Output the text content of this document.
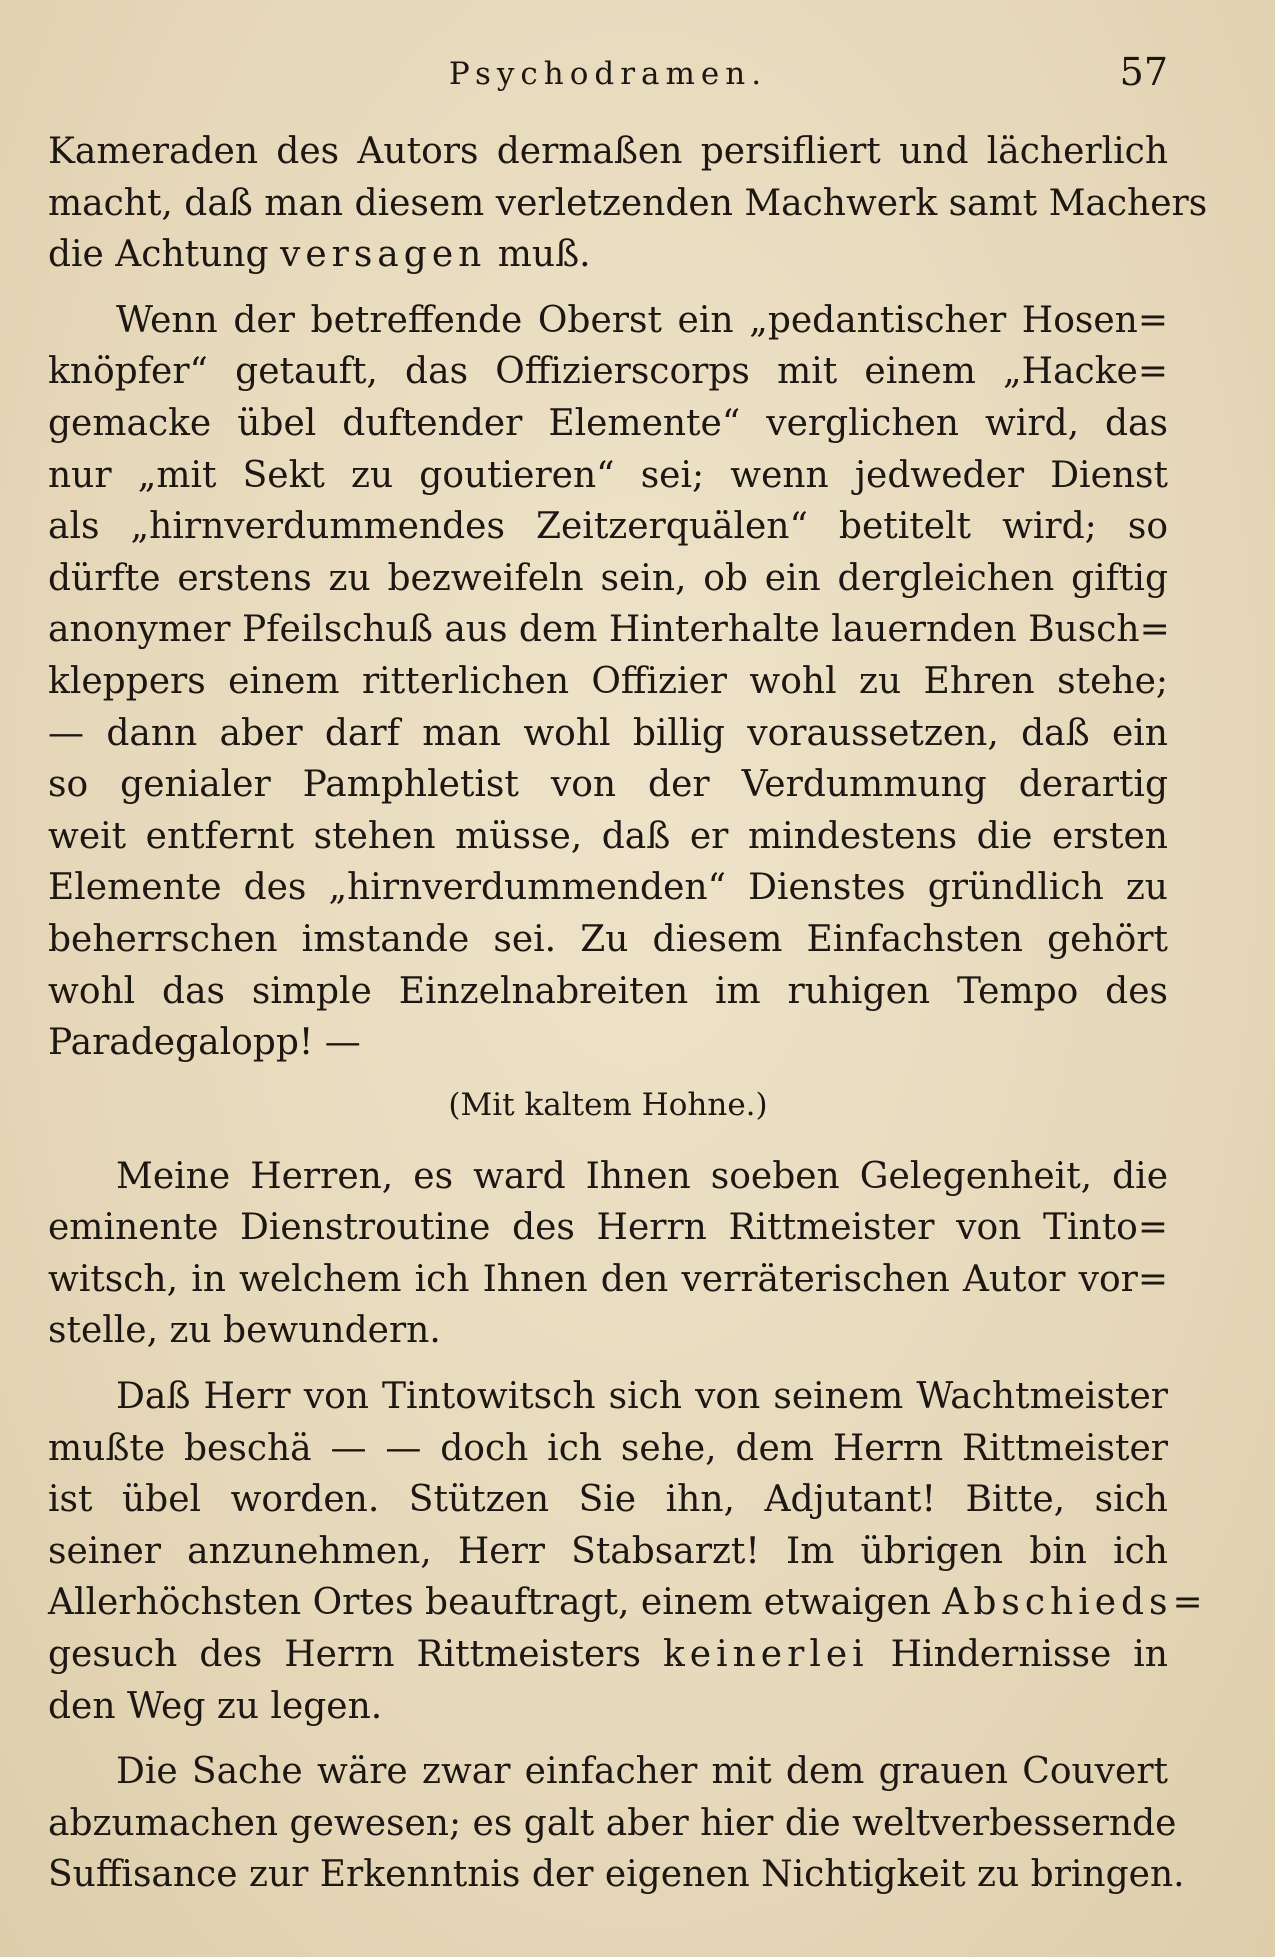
Psychodramen.	57
Kameraden des Autors dermaßen persifliert und lächerlich
macht, daß man diesem verletzenden Machwerk samt Machers
die Achtung versagen muß.
Wenn der betreffende Oberst ein „pedantischer Hosen=
knöpfer“ getauft, das Offizierscorps mit einem „Hacke=
gemacke übel duftender Elemente“ verglichen wird, das
nur „mit Sekt zu goutieren“ sei; wenn jedweder Dienst
als „hirnverdummendes Zeitzerquälen“ betitelt wird; so
dürfte erstens zu bezweifeln sein, ob ein dergleichen giftig
anonymer Pfeilschuß aus dem Hinterhalte lauernden Busch=
kleppers einem ritterlichen Offizier wohl zu Ehren stehe;
— dann aber darf man wohl billig voraussetzen, daß ein
so genialer Pamphletist von der Verdummung derartig
weit entfernt stehen müsse, daß er mindestens die ersten
Elemente des „hirnverdummenden“ Dienstes gründlich zu
beherrschen imstande sei. Zu diesem Einfachsten gehört
wohl das simple Einzelnabreiten im ruhigen Tempo des
Paradegalopp! —
(Mit kaltem Hohne.)
Meine Herren, es ward Ihnen soeben Gelegenheit, die
eminente Dienstroutine des Herrn Rittmeister von Tinto=
witsch, in welchem ich Ihnen den verräterischen Autor vor=
stelle, zu bewundern.
Daß Herr von Tintowitsch sich von seinem Wachtmeister
mußte beschä — — doch ich sehe, dem Herrn Rittmeister
ist übel worden. Stützen Sie ihn, Adjutant! Bitte, sich
seiner anzunehmen, Herr Stabsarzt! Im übrigen bin ich
Allerhöchsten Ortes beauftragt, einem etwaigen Abschieds=
gesuch des Herrn Rittmeisters keinerlei Hindernisse in
den Weg zu legen.
Die Sache wäre zwar einfacher mit dem grauen Couvert
abzumachen gewesen; es galt aber hier die weltverbessernde
Suffisance zur Erkenntnis der eigenen Nichtigkeit zu bringen.
